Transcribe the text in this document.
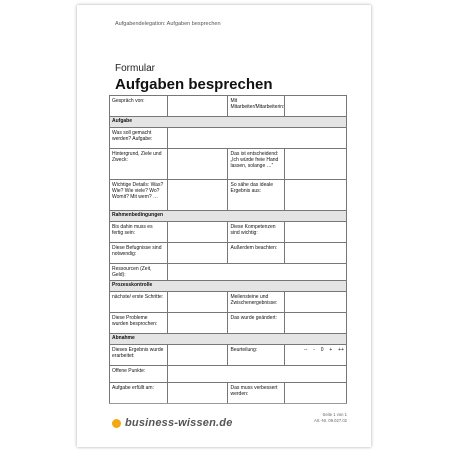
Aufgabendelegation: Aufgaben besprechen
Formular
Aufgaben besprechen
Gespräch von:		Mit Mitarbeiter/Mitarbeiterin:	
Aufgabe			
Was soll gemacht werden? Aufgabe:			
Hintergrund, Ziele und Zweck:		Das ist entscheidend: „Ich würde freie Hand lassen, solange …“	
Wichtige Details: Was? Wie? Wie viele? Wo? Womit? Mit wem? …		So sähe das ideale Ergebnis aus:	
Rahmenbedingungen			
Bis dahin muss es fertig sein:		Diese Kompetenzen sind wichtig:	
Diese Befugnisse sind notwendig:		Außerdem beachten:	
Ressourcen (Zeit, Geld):			
Prozesskontrolle			
nächste/ erste Schritte:		Meilensteine und Zwischenergebnisse:	
Diese Probleme wurden besprochen:		Das wurde geändert:	
Abnahme			
Dieses Ergebnis wurde erarbeitet:		Beurteilung:	-- - 0 + ++

Offene Punkte:			
Aufgabe erfüllt am:		Das muss verbessert werden:	
business-wissen.de
Seite 1 von 1
Art.-Nr. 09.027.02
